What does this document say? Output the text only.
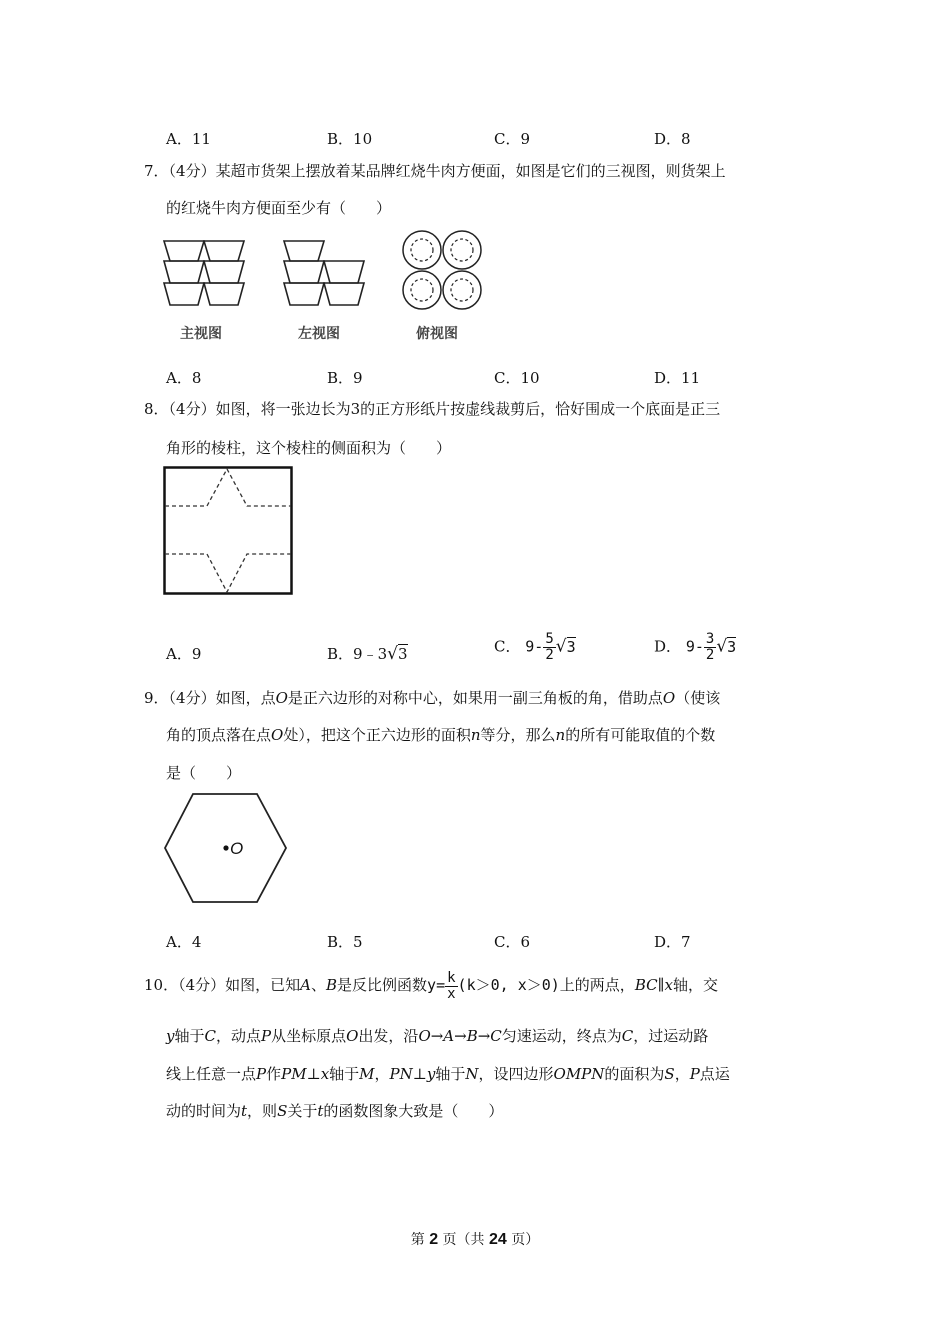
A．11	B．10	C．9	D．8
7．（4分）某超市货架上摆放着某品牌红烧牛肉方便面，如图是它们的三视图，则货架上
的红烧牛肉方便面至少有（　　）
主视图	左视图	俯视图
A．8	B．9	C．10	D．11
8．（4分）如图，将一张边长为3的正方形纸片按虚线裁剪后，恰好围成一个底面是正三
角形的棱柱，这个棱柱的侧面积为（　　）
A．9	B．9﹣3√3	C． $9- \frac{5}{2} √3$	D． $9- \frac{3}{2} √3$
9．（4分）如图，点O是正六边形的对称中心，如果用一副三角板的角，借助点O（使该
角的顶点落在点O处），把这个正六边形的面积n等分，那么n的所有可能取值的个数
是（　　）
O
A．4	B．5	C．6	D．7
10．（4分）如图，已知A、B是反比例函数$y= \frac{k}{x} (k>0$, x＞0)上的两点，BC∥x轴，交
y轴于C，动点P从坐标原点O出发，沿O→A→B→C匀速运动，终点为C，过运动路
线上任意一点P作PM⊥x轴于M，PN⊥y轴于N，设四边形OMPN的面积为S，P点运
动的时间为t，则S关于t的函数图象大致是（　　）
第 2 页（共 24 页）
